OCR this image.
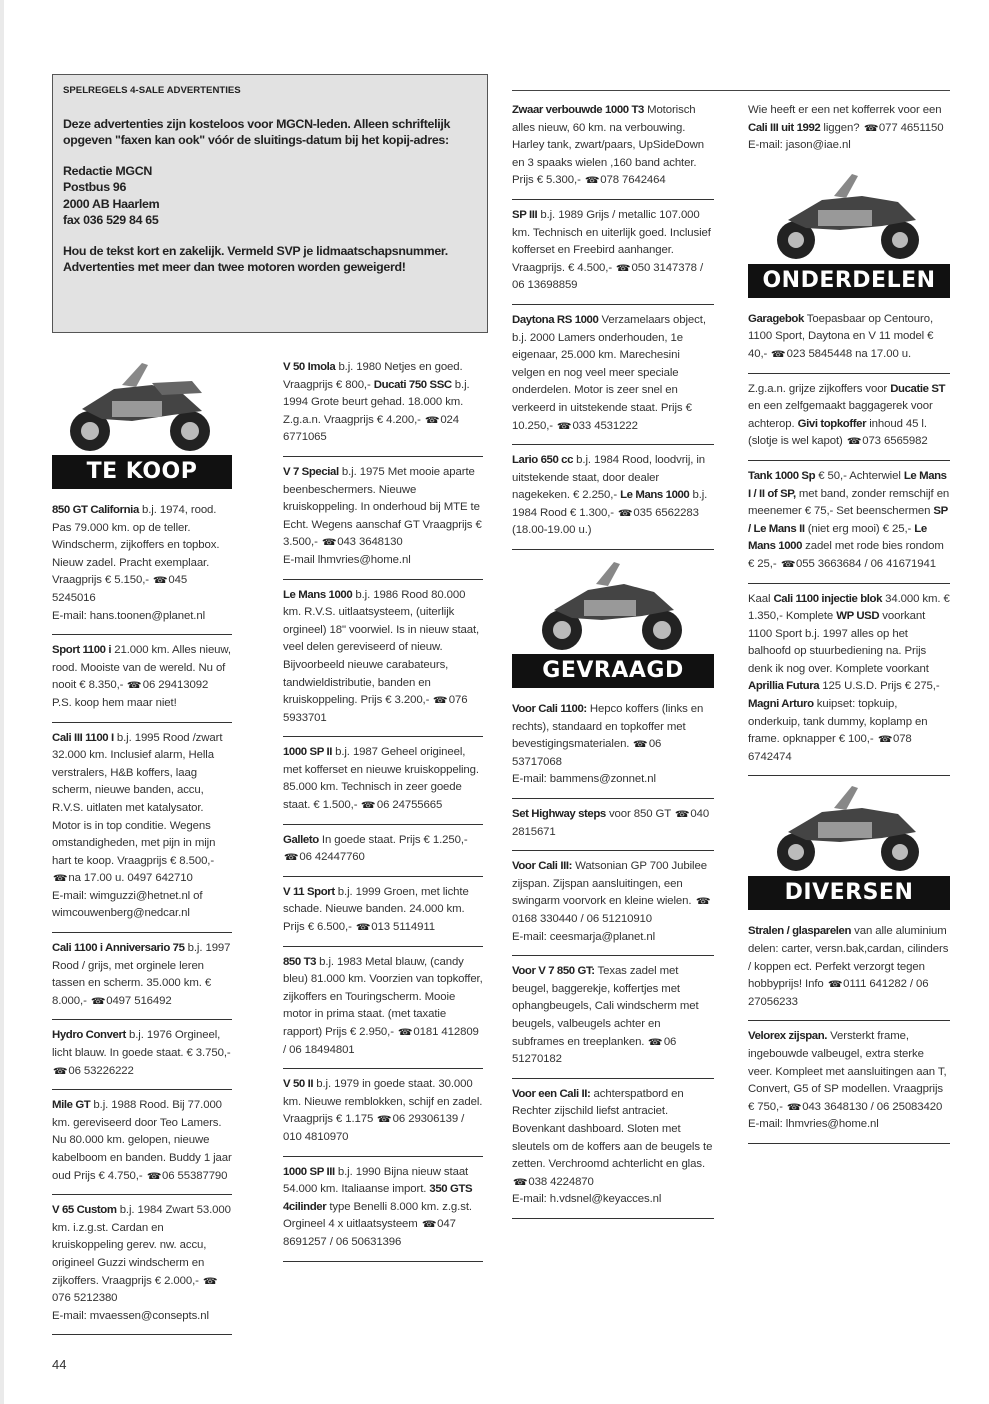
SPELREGELS 4-SALE ADVERTENTIES

Deze advertenties zijn kosteloos voor MGCN-leden. Alleen schriftelijk opgeven "faxen kan ook" vóór de sluitings-datum bij het kopij-adres:

Redactie MGCN
Postbus 96
2000 AB Haarlem
fax 036 529 84 65

Hou de tekst kort en zakelijk. Vermeld SVP je lidmaatschapsnummer. Advertenties met meer dan twee motoren worden geweigerd!

TE KOOP
850 GT California b.j. 1974, rood. Pas 79.000 km. op de teller. Windscherm, zijkoffers en topbox. Nieuw zadel. Pracht exemplaar. Vraagprijs € 5.150,- ☎045 5245016
E-mail: hans.toonen@planet.nl
Sport 1100 i 21.000 km. Alles nieuw, rood. Mooiste van de wereld. Nu of nooit € 8.350,- ☎06 29413092
P.S. koop hem maar niet!
Cali III 1100 I b.j. 1995 Rood /zwart 32.000 km. Inclusief alarm, Hella verstralers, H&B koffers, laag scherm, nieuwe banden, accu, R.V.S. uitlaten met katalysator. Motor is in top conditie. Wegens omstandigheden, met pijn in mijn hart te koop. Vraagprijs € 8.500,- ☎na 17.00 u. 0497 642710
E-mail: wimguzzi@hetnet.nl of wimcouwenberg@nedcar.nl
Cali 1100 i Anniversario 75 b.j. 1997 Rood / grijs, met orginele leren tassen en scherm. 35.000 km. € 8.000,- ☎0497 516492
Hydro Convert b.j. 1976 Orgineel, licht blauw. In goede staat. € 3.750,- ☎06 53226222
Mile GT b.j. 1988 Rood. Bij 77.000 km. gereviseerd door Teo Lamers. Nu 80.000 km. gelopen, nieuwe kabelboom en banden. Buddy 1 jaar oud Prijs € 4.750,- ☎06 55387790
V 65 Custom b.j. 1984 Zwart 53.000 km. i.z.g.st. Cardan en kruiskoppeling gerev. nw. accu, origineel Guzzi windscherm en zijkoffers. Vraagprijs € 2.000,- ☎076 5212380
E-mail: mvaessen@consepts.nl
V 50 Imola b.j. 1980 Netjes en goed. Vraagprijs € 800,- Ducati 750 SSC b.j. 1994 Grote beurt gehad. 18.000 km. Z.g.a.n. Vraagprijs € 4.200,- ☎024 6771065
V 7 Special b.j. 1975 Met mooie aparte beenbeschermers. Nieuwe kruiskoppeling. In onderhoud bij MTE te Echt. Wegens aanschaf GT Vraagprijs € 3.500,- ☎043 3648130
E-mail lhmvries@home.nl
Le Mans 1000 b.j. 1986 Rood 80.000 km. R.V.S. uitlaatsysteem, (uiterlijk orgineel) 18" voorwiel. Is in nieuw staat, veel delen gereviseerd of nieuw. Bijvoorbeeld nieuwe carabateurs, tandwieldistributie, banden en kruiskoppeling. Prijs € 3.200,- ☎076 5933701
1000 SP II b.j. 1987 Geheel origineel, met kofferset en nieuwe kruiskoppeling. 85.000 km. Technisch in zeer goede staat. € 1.500,- ☎06 24755665
Galleto In goede staat. Prijs € 1.250,- ☎06 42447760
V 11 Sport b.j. 1999 Groen, met lichte schade. Nieuwe banden. 24.000 km. Prijs € 6.500,- ☎013 5114911
850 T3 b.j. 1983 Metal blauw, (candy bleu) 81.000 km. Voorzien van topkoffer, zijkoffers en Touringscherm. Mooie motor in prima staat. (met taxatie rapport) Prijs € 2.950,- ☎0181 412809 / 06 18494801
V 50 II b.j. 1979 in goede staat. 30.000 km. Nieuwe remblokken, schijf en zadel. Vraagprijs € 1.175 ☎06 29306139 / 010 4810970
1000 SP III b.j. 1990 Bijna nieuw staat 54.000 km. Italiaanse import. 350 GTS 4cilinder type Benelli 8.000 km. z.g.st. Orgineel 4 x uitlaatsysteem ☎047 8691257 / 06 50631396
Zwaar verbouwde 1000 T3 Motorisch alles nieuw, 60 km. na verbouwing. Harley tank, zwart/paars, UpSideDown en 3 spaaks wielen ,160 band achter. Prijs € 5.300,- ☎078 7642464
SP III b.j. 1989 Grijs / metallic 107.000 km. Technisch en uiterlijk goed. Inclusief kofferset en Freebird aanhanger. Vraagprijs. € 4.500,- ☎050 3147378 / 06 13698859
Daytona RS 1000 Verzamelaars object, b.j. 2000 Lamers onderhouden, 1e eigenaar, 25.000 km. Marechesini velgen en nog veel meer speciale onderdelen. Motor is zeer snel en verkeerd in uitstekende staat. Prijs € 10.250,- ☎033 4531222
Lario 650 cc b.j. 1984 Rood, loodvrij, in uitstekende staat, door dealer nagekeken. € 2.250,- Le Mans 1000 b.j. 1984 Rood € 1.300,- ☎035 6562283 (18.00-19.00 u.)
GEVRAAGD
Voor Cali 1100: Hepco koffers (links en rechts), standaard en topkoffer met bevestigingsmaterialen. ☎06 53717068
E-mail: bammens@zonnet.nl
Set Highway steps voor 850 GT ☎040 2815671
Voor Cali III: Watsonian GP 700 Jubilee zijspan. Zijspan aansluitingen, een swingarm voorvork en kleine wielen. ☎0168 330440 / 06 51210910
E-mail: ceesmarja@planet.nl
Voor V 7 850 GT: Texas zadel met beugel, baggerekje, koffertjes met ophangbeugels, Cali windscherm met beugels, valbeugels achter en subframes en treeplanken. ☎06 51270182
Voor een Cali II: achterspatbord en Rechter zijschild liefst antraciet. Bovenkant dashboard. Sloten met sleutels om de koffers aan de beugels te zetten. Verchroomd achterlicht en glas. ☎038 4224870
E-mail: h.vdsnel@keyacces.nl
Wie heeft er een net kofferrek voor een Cali III uit 1992 liggen? ☎077 4651150
E-mail: jason@iae.nl
ONDERDELEN
Garagebok Toepasbaar op Centouro, 1100 Sport, Daytona en V 11 model € 40,- ☎023 5845448 na 17.00 u.
Z.g.a.n. grijze zijkoffers voor Ducatie ST en een zelfgemaakt baggagerek voor achterop. Givi topkoffer inhoud 45 l. (slotje is wel kapot) ☎073 6565982
Tank 1000 Sp € 50,- Achterwiel Le Mans I / II of SP, met band, zonder remschijf en meenemer € 75,- Set beenschermen SP / Le Mans II (niet erg mooi) € 25,- Le Mans 1000 zadel met rode bies rondom € 25,- ☎055 3663684 / 06 41671941
Kaal Cali 1100 injectie blok 34.000 km. € 1.350,- Komplete WP USD voorkant 1100 Sport b.j. 1997 alles op het balhoofd op stuurbediening na. Prijs denk ik nog over. Komplete voorkant Aprillia Futura 125 U.S.D. Prijs € 275,- Magni Arturo kuipset: topkuip, onderkuip, tank dummy, koplamp en frame. opknapper € 100,- ☎078 6742474
DIVERSEN
Stralen / glasparelen van alle aluminium delen: carter, versn.bak,cardan, cilinders / koppen ect. Perfekt verzorgt tegen hobbyprijs! Info ☎0111 641282 / 06 27056233
Velorex zijspan. Versterkt frame, ingebouwde valbeugel, extra sterke veer. Kompleet met aansluitingen aan T, Convert, G5 of SP modellen. Vraagprijs € 750,- ☎043 3648130 / 06 25083420
E-mail: lhmvries@home.nl
44
